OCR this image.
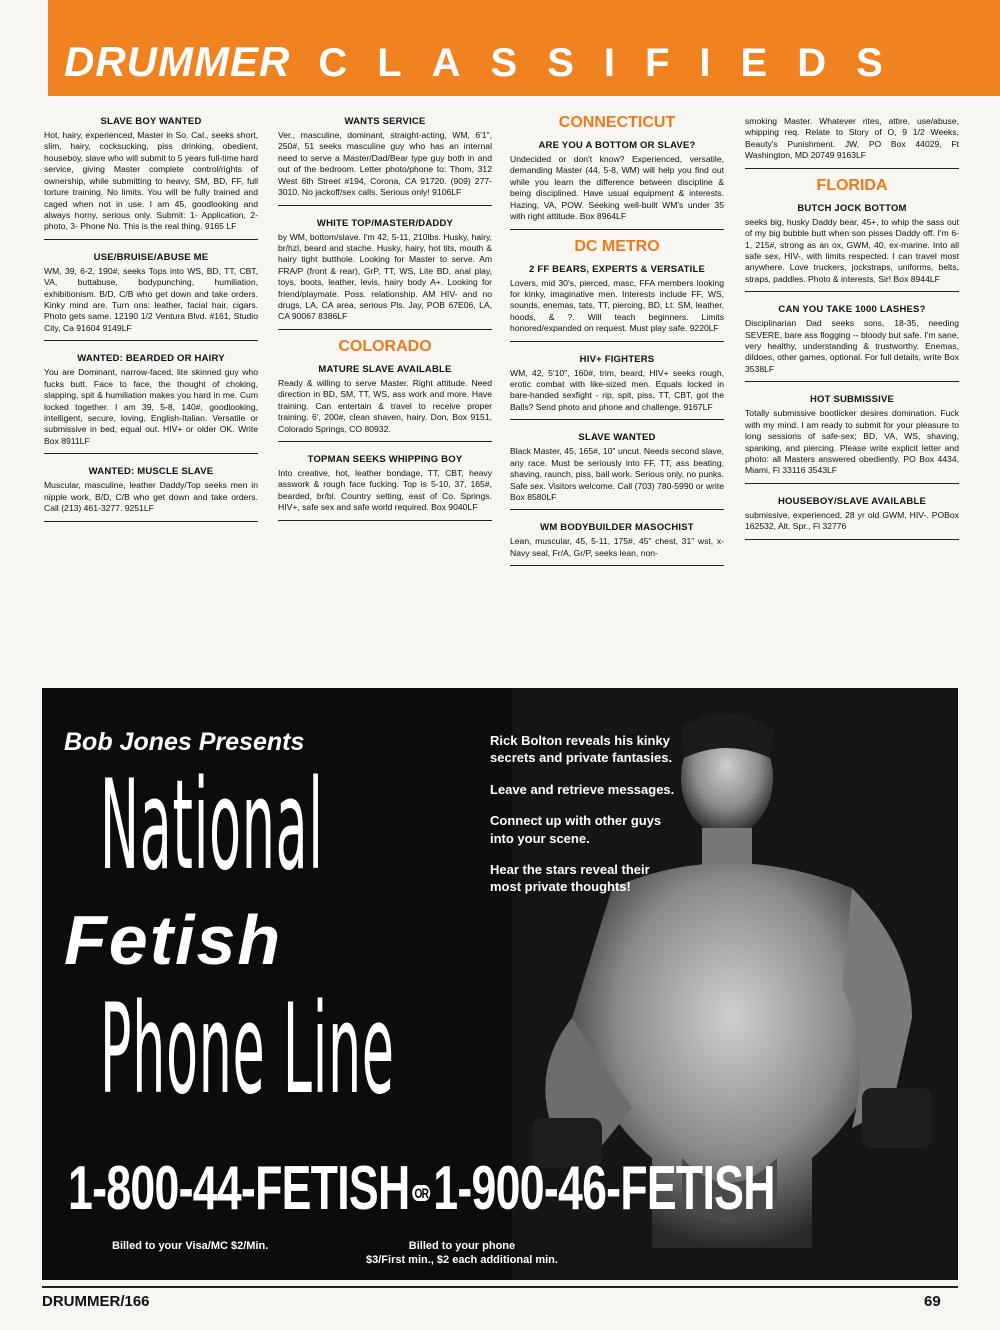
DRUMMER CLASSIFIEDS
SLAVE BOY WANTED
Hot, hairy, experienced, Master in So. Cal., seeks short, slim, hairy, cocksucking, piss drinking, obedient, houseboy, slave who will submit to 5 years full-time hard service, giving Master complete control/rights of ownership, while submitting to heavy, SM, BD, FF, full torture training. No limits. You will be fully trained and caged when not in use. I am 45, goodlooking and always horny, serious only. Submit: 1- Application, 2- photo, 3- Phone No. This is the real thing. 9165 LF
USE/BRUISE/ABUSE ME
WM, 39, 6-2, 190#, seeks Tops into WS, BD, TT, CBT, VA, buttabuse, bodypunching, humiliation, exhibitionism. B/D, C/B who get down and take orders. Kinky mind are. Turn ons: leather, facial hair, cigars. Photo gets same. 12190 1/2 Ventura Blvd. #161, Studio City, Ca 91604 9149LF
WANTED: BEARDED OR HAIRY
You are Dominant, narrow-faced, lite skinned guy who fucks butt. Face to face, the thought of choking, slapping, spit & humiliation makes you hard in me. Cum locked together. I am 39, 5-8, 140#, goodlooking, intelligent, secure, loving, English-Italian. Versatile or submissive in bed, equal out. HIV+ or older OK. Write Box 8911LF
WANTED: MUSCLE SLAVE
Muscular, masculine, leather Daddy/Top seeks men in nipple work, B/D, C/B who get down and take orders. Call (213) 461-3277. 9251LF
WANTS SERVICE
Ver., masculine, dominant, straight-acting, WM, 6'1", 250#, 51 seeks masculine guy who has an internal need to serve a Master/Dad/Bear type guy both in and out of the bedroom. Letter photo/phone to: Thom, 312 West 6th Street #194, Corona, CA 91720. (909) 277-3010. No jackoff/sex calls. Serious only! 9106LF
WHITE TOP/MASTER/DADDY
by WM, bottom/slave. I'm 42, 5-11, 210lbs. Husky, hairy, br/hzl, beard and stache. Husky, hairy, hot tits, mouth & hairy tight butthole. Looking for Master to serve. Am FRA/P (front & rear), GrP, TT, WS, Lite BD, anal play, toys, boots, leather, levis, hairy body A+. Looking for friend/playmate. Poss. relationship. AM HIV- and no drugs, LA, CA area, serious Pls. Jay, POB 67E06, LA, CA 90067 8386LF
COLORADO
MATURE SLAVE AVAILABLE
Ready & willing to serve Master. Right attitude. Need direction in BD, SM, TT, WS, ass work and more. Have training. Can entertain & travel to receive proper training. 6', 200#, clean shaven, hairy. Don, Box 9151, Colorado Springs, CO 80932.
TOPMAN SEEKS WHIPPING BOY
Into creative, hot, leather bondage, TT, CBT, heavy asswork & rough face fucking. Top is 5-10, 37, 165#, bearded, br/bl. Country setting, east of Co. Springs. HIV+, safe sex and safe world required. Box 9040LF
CONNECTICUT
ARE YOU A BOTTOM OR SLAVE?
Undecided or don't know? Experienced, versatile, demanding Master (44, 5-8, WM) will help you find out while you learn the difference between discipline & being disciplined. Have usual equipment & interests. Hazing, VA, POW. Seeking well-built WM's under 35 with right attitude. Box 8964LF
DC METRO
2 FF BEARS, EXPERTS & VERSATILE
Lovers, mid 30's, pierced, masc, FFA members looking for kinky, imaginative men. Interests include FF, WS, sounds, enemas, tats, TT, piercing, BD, Lt. SM, leather, hoods, & ?. Will teach beginners. Limits honored/expanded on request. Must play safe. 9220LF
HIV+ FIGHTERS
WM, 42, 5'10", 160#, trim, beard, HIV+ seeks rough, erotic combat with like-sized men. Equals locked in bare-handed sexfight - rip, spit, piss, TT, CBT, got the Balls? Send photo and phone and challenge. 9167LF
SLAVE WANTED
Black Master, 45, 165#, 10" uncut. Needs second slave, any race. Must be seriously into FF, TT, ass beating, shaving, raunch, piss, ball work. Serious only, no punks. Safe sex. Visitors welcome. Call (703) 780-5990 or write Box 8580LF
WM BODYBUILDER MASOCHIST
Lean, muscular, 45, 5-11, 175#, 45" chest, 31" wst, x-Navy seal, Fr/A, Gr/P, seeks lean, non-
smoking Master. Whatever rites, attire, use/abuse, whipping req. Relate to Story of O, 9 1/2 Weeks, Beauty's Punishment. JW, PO Box 44029, Ft Washington, MD 20749 9163LF
FLORIDA
BUTCH JOCK BOTTOM
seeks big, husky Daddy bear, 45+, to whip the sass out of my big bubble butt when son pisses Daddy off. I'm 6-1, 215#, strong as an ox, GWM, 40, ex-marine. Into all safe sex, HIV-, with limits respected. I can travel most anywhere. Love truckers, jockstraps, uniforms, belts, straps, paddles. Photo & interests, Sir! Box 8944LF
CAN YOU TAKE 1000 LASHES?
Disciplinarian Dad seeks sons, 18-35, needing SEVERE, bare ass flogging -- bloody but safe. I'm sane, very healthy, understanding & trustworthy. Enemas, dildoes, other games, optional. For full details, write Box 3538LF
HOT SUBMISSIVE
Totally submissive bootlicker desires domination. Fuck with my mind. I am ready to submit for your pleasure to long sessions of safe-sex; BD, VA, WS, shaving, spanking, and piercing. Please write explicit letter and photo: all Masters answered obediently. PO Box 4434, Miami, Fl 33116 3543LF
HOUSEBOY/SLAVE AVAILABLE
submissive, experienced, 28 yr old GWM, HIV-. POBox 162532, Alt. Spr., Fl 32776
Bob Jones Presents
National
Fetish
Phone Line

Rick Bolton reveals his kinky secrets and private fantasies.

Leave and retrieve messages.

Connect up with other guys into your scene.

Hear the stars reveal their most private thoughts!

1-800-44-FETISH OR1-900-46-FETISH
Billed to your Visa/MC $2/Min.	Billed to your phone
$3/First min., $2 each additional min.
DRUMMER/166	69
